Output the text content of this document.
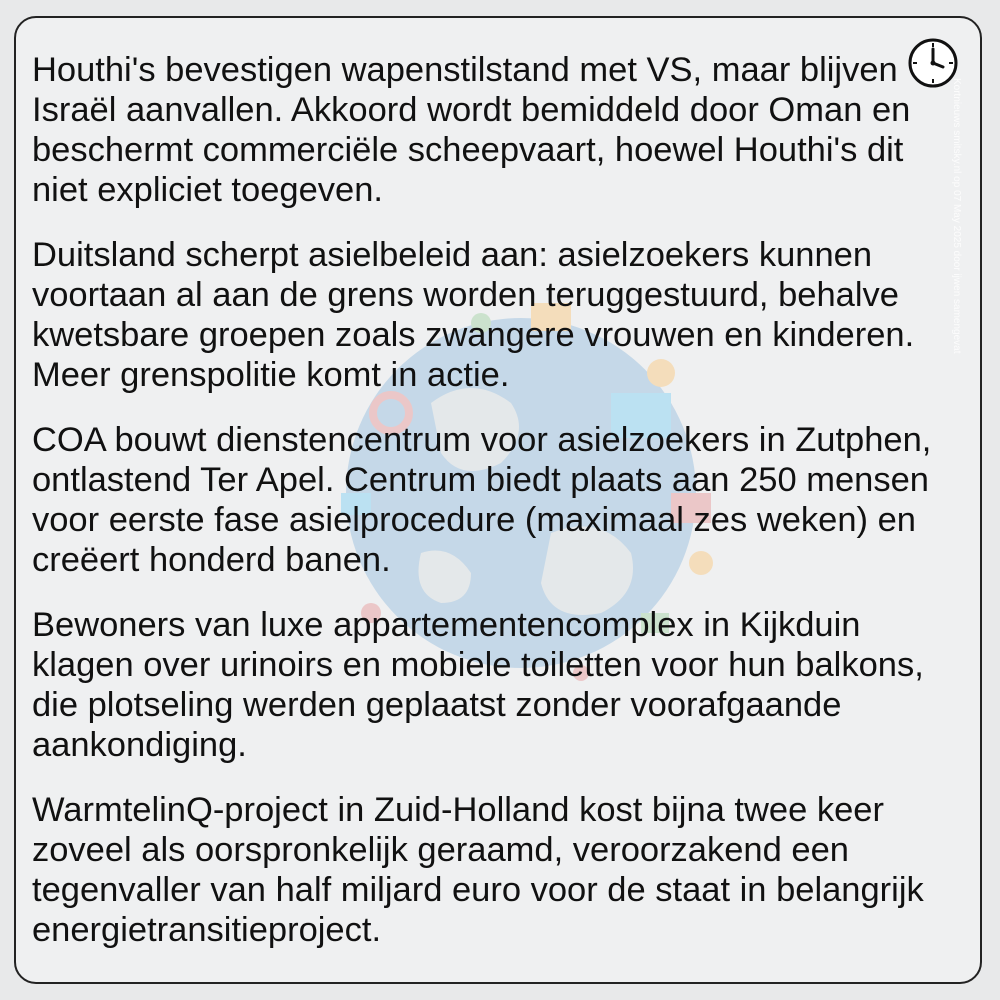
Houthi's bevestigen wapenstilstand met VS, maar blijven Israël aanvallen. Akkoord wordt bemiddeld door Oman en beschermt commerciële scheepvaart, hoewel Houthi's dit niet expliciet toegeven.
Duitsland scherpt asielbeleid aan: asielzoekers kunnen voortaan al aan de grens worden teruggestuurd, behalve kwetsbare groepen zoals zwangere vrouwen en kinderen. Meer grenspolitie komt in actie.
COA bouwt dienstencentrum voor asielzoekers in Zutphen, ontlastend Ter Apel. Centrum biedt plaats aan 250 mensen voor eerste fase asielprocedure (maximaal zes weken) en creëert honderd banen.
Bewoners van luxe appartementencomplex in Kijkduin klagen over urinoirs en mobiele toiletten voor hun balkons, die plotseling werden geplaatst zonder voorafgaande aankondiging.
WarmtelinQ-project in Zuid-Holland kost bijna twee keer zoveel als oorspronkelijk geraamd, veroorzakend een tegenvaller van half miljard euro voor de staat in belangrijk energietransitieproject.
Kortnieuws smitsky.nl op 07 May 2025 door ijwen samengevat
